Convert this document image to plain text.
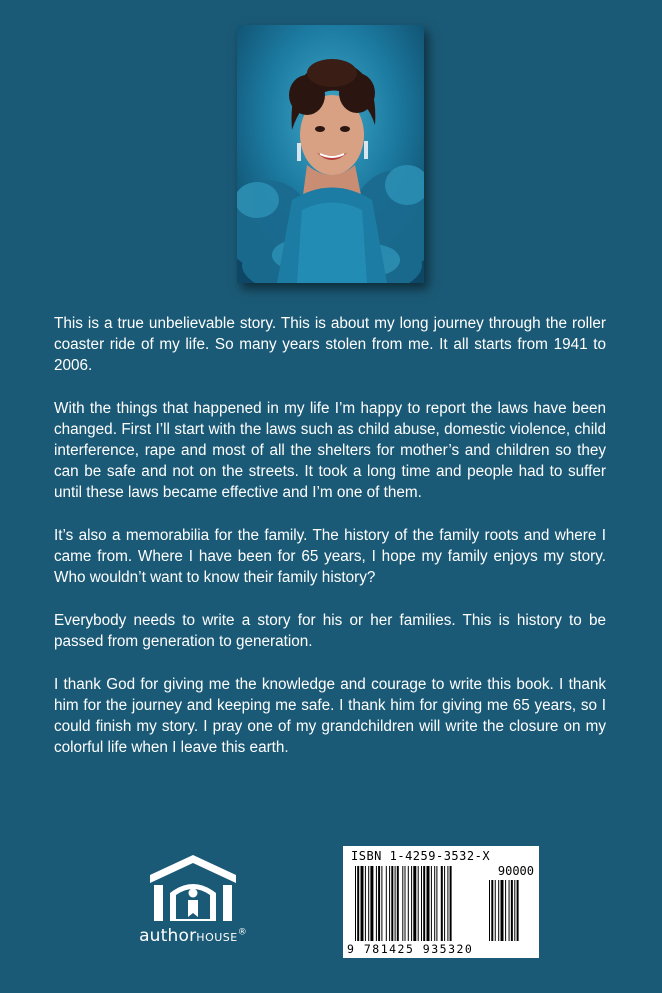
This is a true unbelievable story. This is about my long journey through the roller coaster ride of my life. So many years stolen from me. It all starts from 1941 to 2006.

With the things that happened in my life I’m happy to report the laws have been changed. First I’ll start with the laws such as child abuse, domestic violence, child interference, rape and most of all the shelters for mother’s and children so they can be safe and not on the streets. It took a long time and people had to suffer until these laws became effective and I’m one of them.

It’s also a memorabilia for the family. The history of the family roots and where I came from. Where I have been for 65 years, I hope my family enjoys my story. Who wouldn’t want to know their family history?

Everybody needs to write a story for his or her families. This is history to be passed from generation to generation.

I thank God for giving me the knowledge and courage to write this book. I thank him for the journey and keeping me safe. I thank him for giving me 65 years, so I could finish my story. I pray one of my grandchildren will write the closure on my colorful life when I leave this earth.

authorHOUSE®
ISBN 1-4259-3532-X
90000
9 781425 935320
